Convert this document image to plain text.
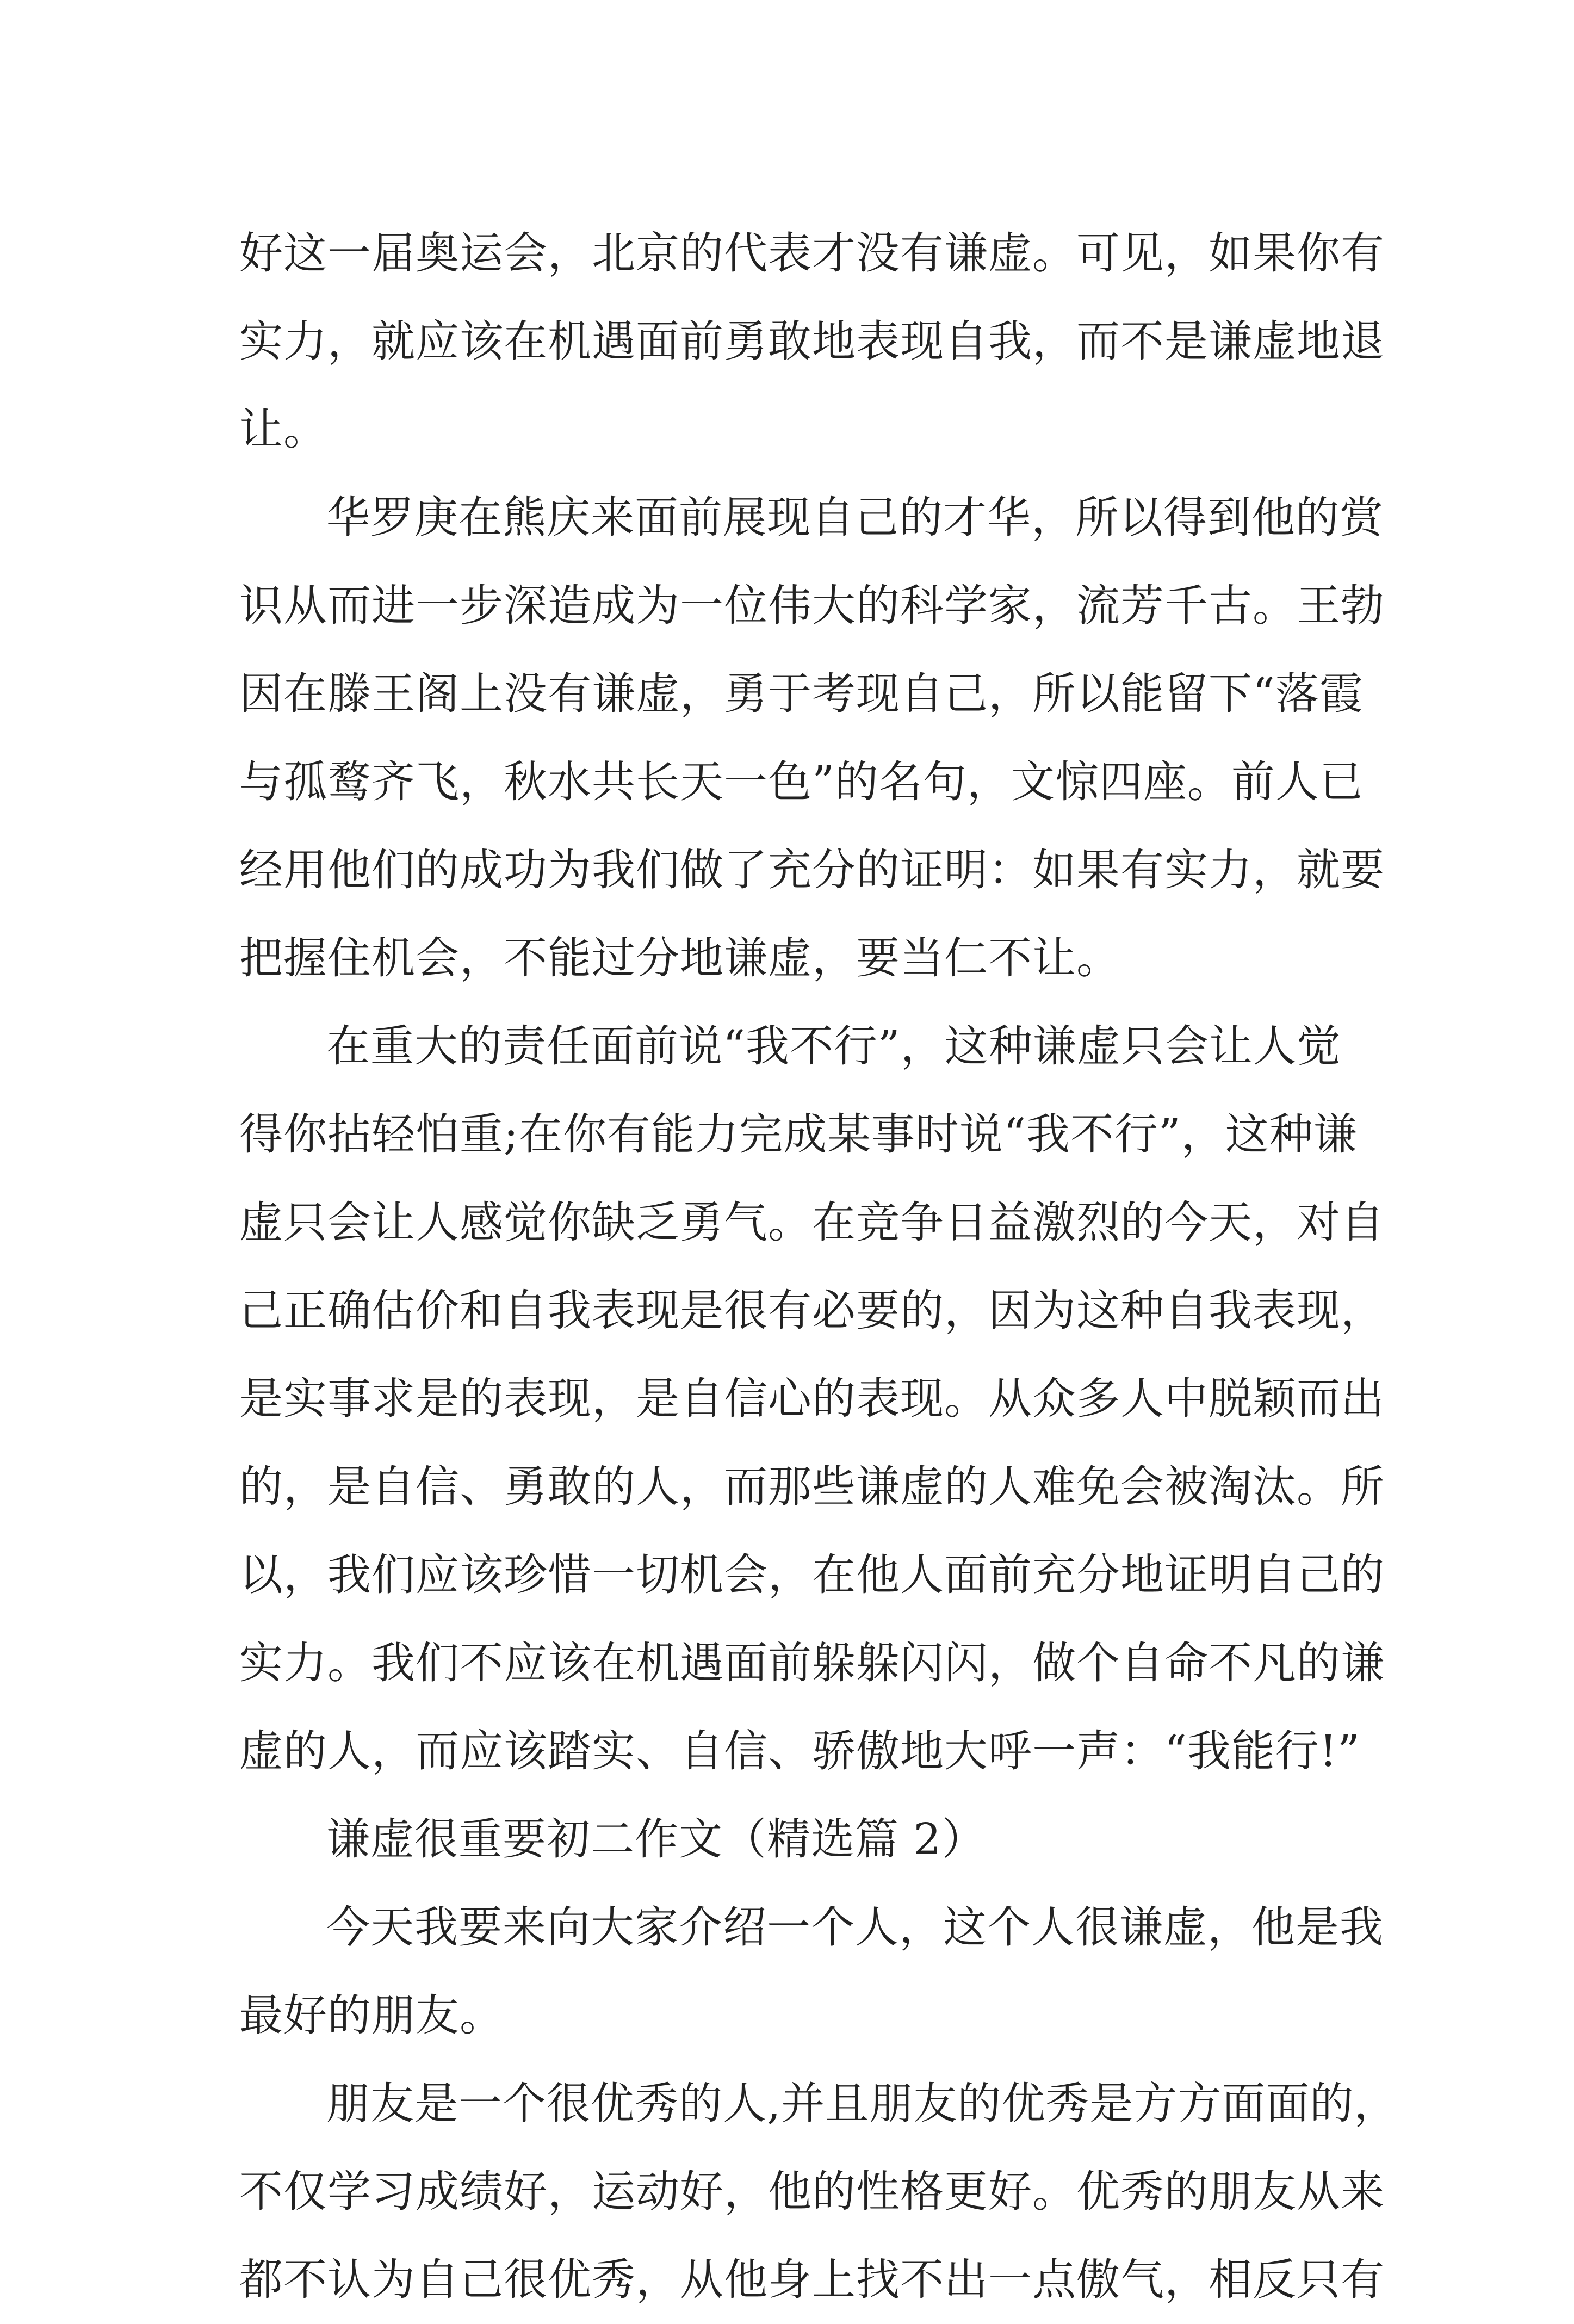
好这一届奥运会，北京的代表才没有谦虚。可见，如果你有
实力，就应该在机遇面前勇敢地表现自我，而不是谦虚地退
让。
华罗庚在熊庆来面前展现自己的才华，所以得到他的赏
识从而进一步深造成为一位伟大的科学家，流芳千古。王勃
因在滕王阁上没有谦虚，勇于考现自己，所以能留下“落霞
与孤鹜齐飞，秋水共长天一色”的名句，文惊四座。前人已
经用他们的成功为我们做了充分的证明：如果有实力，就要
把握住机会，不能过分地谦虚，要当仁不让。
在重大的责任面前说“我不行”，这种谦虚只会让人觉
得你拈轻怕重;在你有能力完成某事时说“我不行”，这种谦
虚只会让人感觉你缺乏勇气。在竞争日益激烈的今天，对自
己正确估价和自我表现是很有必要的，因为这种自我表现，
是实事求是的表现，是自信心的表现。从众多人中脱颖而出
的，是自信、勇敢的人，而那些谦虚的人难免会被淘汰。所
以，我们应该珍惜一切机会，在他人面前充分地证明自己的
实力。我们不应该在机遇面前躲躲闪闪，做个自命不凡的谦
虚的人，而应该踏实、自信、骄傲地大呼一声：“我能行!”
谦虚很重要初二作文（精选篇 2）
今天我要来向大家介绍一个人，这个人很谦虚，他是我
最好的朋友。
朋友是一个很优秀的人,并且朋友的优秀是方方面面的，
不仅学习成绩好，运动好，他的性格更好。优秀的朋友从来
都不认为自己很优秀，从他身上找不出一点傲气，相反只有
